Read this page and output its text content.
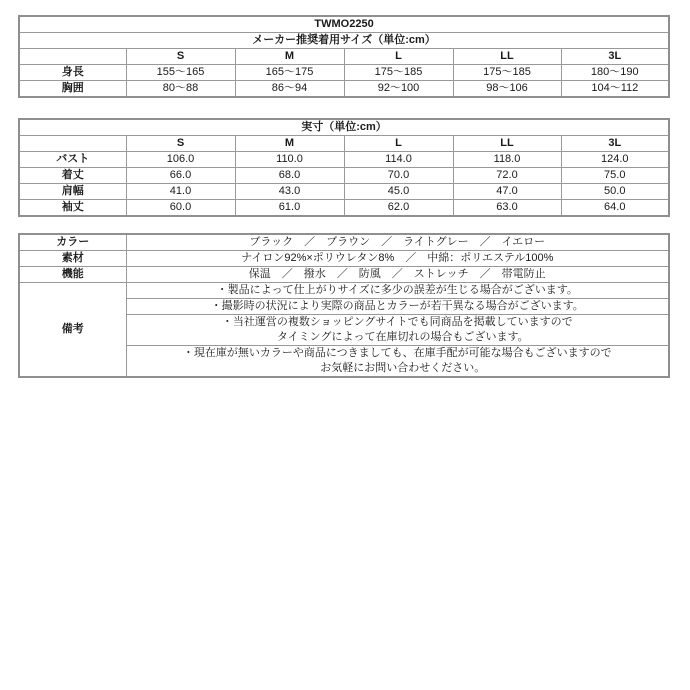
TWMO2250					
メーカー推奨着用サイズ（単位:cm）					
	S	M	L	LL	3L
身長	155～165	165～175	175～185	175～185	180～190
胸囲	80～88	86～94	92～100	98～106	104～112
実寸（単位:cm）					
	S	M	L	LL	3L
バスト	106.0	110.0	114.0	118.0	124.0
着丈	66.0	68.0	70.0	72.0	75.0
肩幅	41.0	43.0	45.0	47.0	50.0
袖丈	60.0	61.0	62.0	63.0	64.0
カラー	ブラック　／　ブラウン　／　ライトグレー　／　イエロー
素材	ナイロン92%×ポリウレタン8%　／　中綿：ポリエステル100%
機能	保温　／　撥水　／　防風　／　ストレッチ　／　帯電防止
備考	・製品によって仕上がりサイズに多少の誤差が生じる場合がございます。

	・撮影時の状況により実際の商品とカラーが若干異なる場合がございます。

	・当社運営の複数ショッピングサイトでも同商品を掲載していますので
タイミングによって在庫切れの場合もございます。

	・現在庫が無いカラーや商品につきましても、在庫手配が可能な場合もございますので
お気軽にお問い合わせください。
